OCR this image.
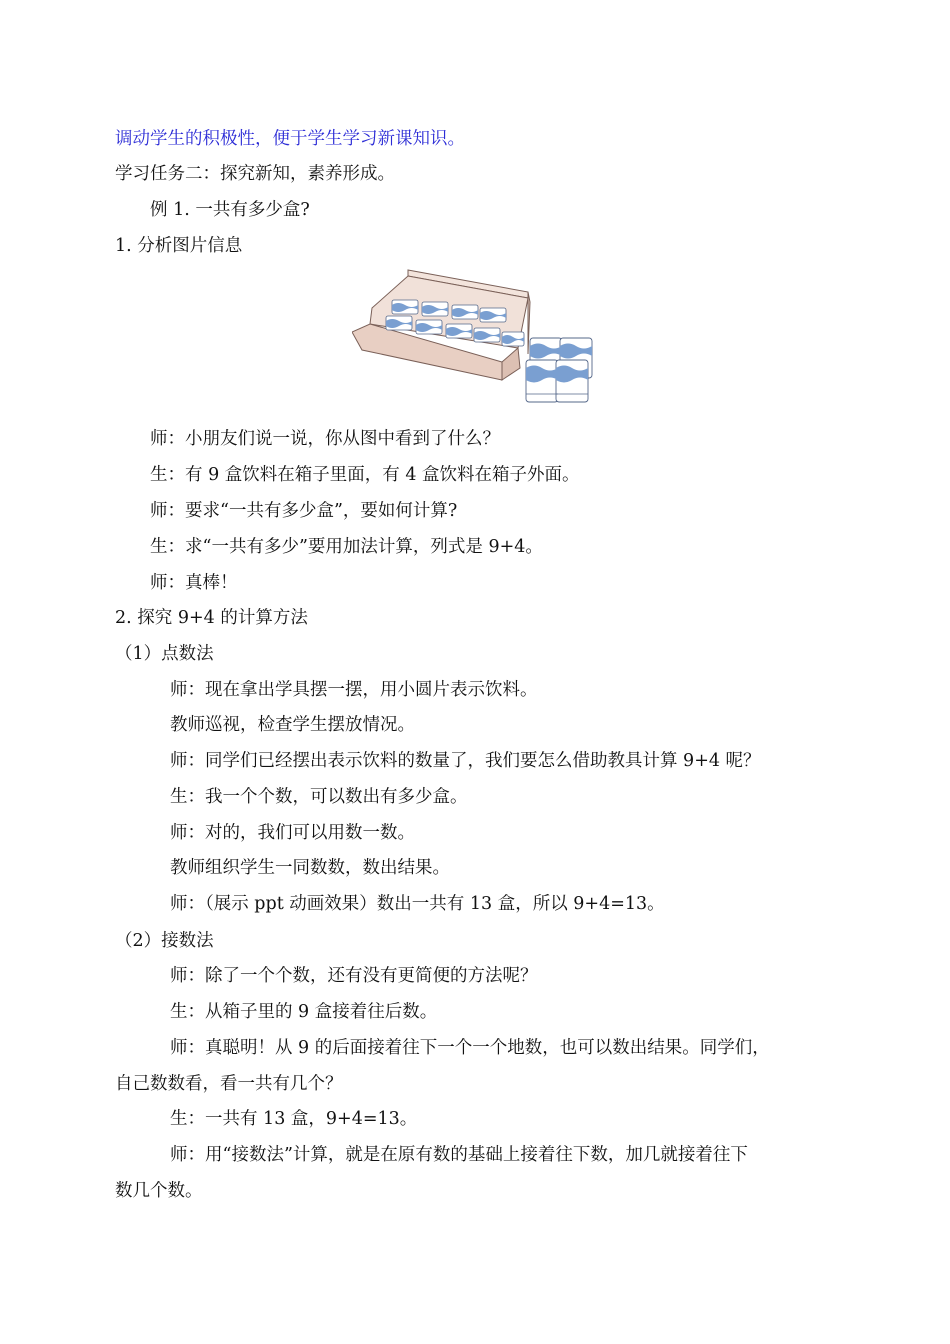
调动学生的积极性，便于学生学习新课知识。
学习任务二：探究新知，素养形成。
例 1. 一共有多少盒?
1. 分析图片信息
师：小朋友们说一说，你从图中看到了什么？
生：有 9 盒饮料在箱子里面，有 4 盒饮料在箱子外面。
师：要求“一共有多少盒”，要如何计算?
生：求“一共有多少”要用加法计算，列式是 9+4。
师：真棒！
2. 探究 9+4 的计算方法
（1）点数法
师：现在拿出学具摆一摆，用小圆片表示饮料。
教师巡视，检查学生摆放情况。
师：同学们已经摆出表示饮料的数量了，我们要怎么借助教具计算 9+4 呢？
生：我一个个数，可以数出有多少盒。
师：对的，我们可以用数一数。
教师组织学生一同数数，数出结果。
师：（展示 ppt 动画效果）数出一共有 13 盒，所以 9+4=13。
（2）接数法
师：除了一个个数，还有没有更简便的方法呢？
生：从箱子里的 9 盒接着往后数。
师：真聪明！从 9 的后面接着往下一个一个地数，也可以数出结果。同学们，
自己数数看，看一共有几个？
生：一共有 13 盒，9+4=13。
师：用“接数法”计算，就是在原有数的基础上接着往下数，加几就接着往下
数几个数。
